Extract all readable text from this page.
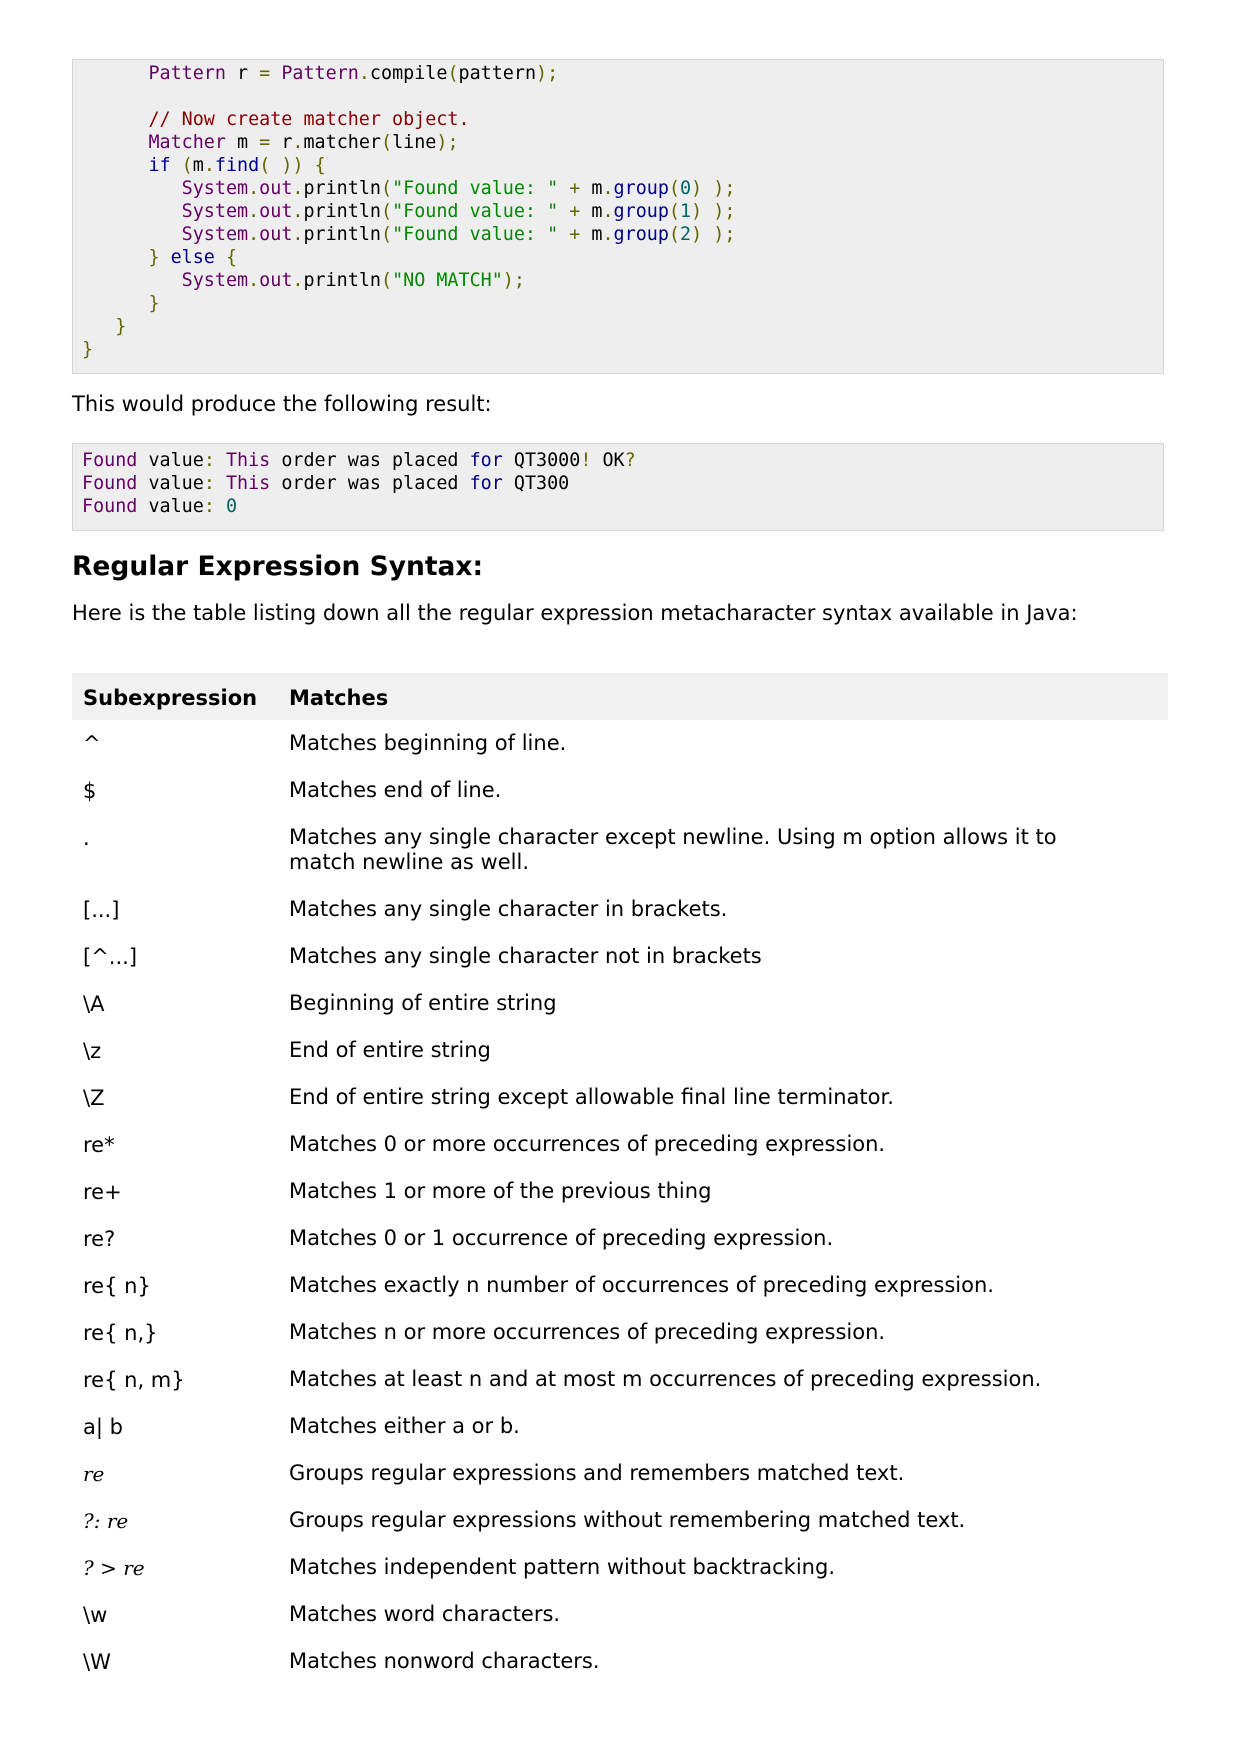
Pattern r = Pattern.compile(pattern);
// Now create matcher object.
Matcher m = r.matcher(line);
if (m.find( )) {
System.out.println("Found value: " + m.group(0) );
System.out.println("Found value: " + m.group(1) );
System.out.println("Found value: " + m.group(2) );
} else {
System.out.println("NO MATCH");
}
}
}
This would produce the following result:
Found value: This order was placed for QT3000! OK?
Found value: This order was placed for QT300
Found value: 0
Regular Expression Syntax:
Here is the table listing down all the regular expression metacharacter syntax available in Java:
Subexpression Matches
^	Matches beginning of line.
$	Matches end of line.
.	Matches any single character except newline. Using m option allows it to match newline as well.
[...]	Matches any single character in brackets.
[^...]	Matches any single character not in brackets
\A	Beginning of entire string
\z	End of entire string
\Z	End of entire string except allowable final line terminator.
re*	Matches 0 or more occurrences of preceding expression.
re+	Matches 1 or more of the previous thing
re?	Matches 0 or 1 occurrence of preceding expression.
re{ n}	Matches exactly n number of occurrences of preceding expression.
re{ n,}	Matches n or more occurrences of preceding expression.
re{ n, m}	Matches at least n and at most m occurrences of preceding expression.
a| b	Matches either a or b.
re	Groups regular expressions and remembers matched text.
?: re	Groups regular expressions without remembering matched text.
? > re	Matches independent pattern without backtracking.
\w	Matches word characters.
\W	Matches nonword characters.
